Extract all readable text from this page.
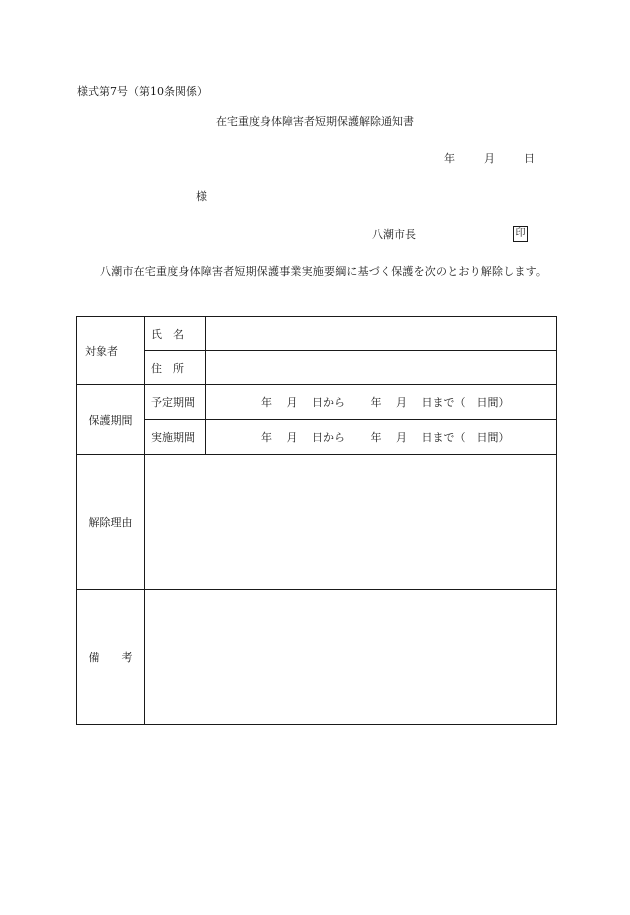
様式第7号（第10条関係）
在宅重度身体障害者短期保護解除通知書
年	月	日
様
八潮市長	印
八潮市在宅重度身体障害者短期保護事業実施要綱に基づく保護を次のとおり解除します。
対象者	氏　名	
	住　所	
保護期間	予定期間	年　 月　 日から　　 年　 月　 日まで（　日間）
	実施期間	年　 月　 日から　　 年　 月　 日まで（　日間）
解除理由		
備　　考		
